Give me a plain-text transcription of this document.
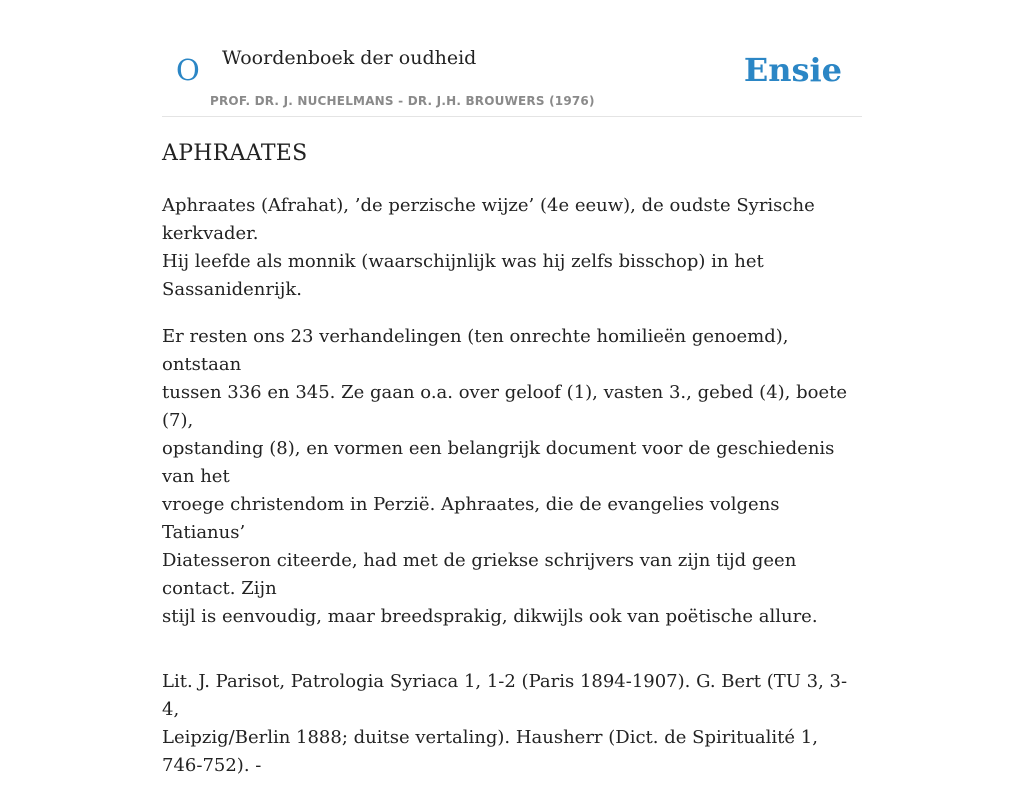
O Woordenboek der oudheid
PROF. DR. J. NUCHELMANS - DR. J.H. BROUWERS (1976)
Ensie
APHRAATES

Aphraates (Afrahat), ’de perzische wijze’ (4e eeuw), de oudste Syrische kerkvader.
Hij leefde als monnik (waarschijnlijk was hij zelfs bisschop) in het Sassanidenrijk.

Er resten ons 23 verhandelingen (ten onrechte homilieën genoemd), ontstaan
tussen 336 en 345. Ze gaan o.a. over geloof (1), vasten 3., gebed (4), boete (7),
opstanding (8), en vormen een belangrijk document voor de geschiedenis van het
vroege christendom in Perzië. Aphraates, die de evangelies volgens Tatianus’
Diatesseron citeerde, had met de griekse schrijvers van zijn tijd geen contact. Zijn
stijl is eenvoudig, maar breedsprakig, dikwijls ook van poëtische allure.

Lit. J. Parisot, Patrologia Syriaca 1, 1-2 (Paris 1894-1907). G. Bert (TU 3, 3-4,
Leipzig/Berlin 1888; duitse vertaling). Hausherr (Dict. de Spiritualité 1, 746-752). -
